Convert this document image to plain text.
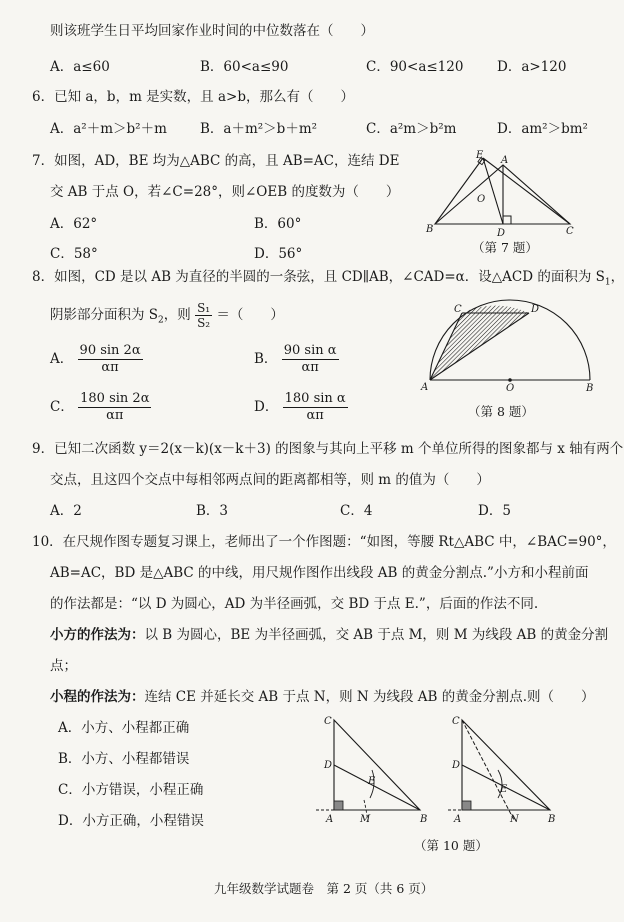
则该班学生日平均回家作业时间的中位数落在（　　）
A．a≤60	B．60<a≤90	C．90<a≤120 D．a>120
6．已知 a，b，m 是实数，且 a>b，那么有（　　）
A．a²＋m＞b²＋m B．a＋m²＞b＋m²	C．a²m＞b²m	D．am²＞bm²
7．如图，AD，BE 均为△ABC 的高，且 AB=AC，连结 DE
交 AB 于点 O，若∠C=28°，则∠OEB 的度数为（　　）
A．62°	B．60°
C．58°	D．56°
E A
O
B	D	C
（第 7 题）
8．如图，CD 是以 AB 为直径的半圆的一条弦，且 CD∥AB，∠CAD=α．设△ACD 的面积为 $S_1$，
阴影部分面积为 $S_2$，则 $\frac{\text{S₁}}{\text{S₂}}$ ＝（　　）
A． $\frac{90 \sin 2\alpha}{\alpha\pi}$	B． $\frac{\text{90 sin α}}{\alpha\pi}$
C． $\frac{180 \sin 2\alpha}{\alpha\pi}$	D． $\frac{\text{180 sin α}}{\alpha\pi}$
C	D
A	O	B
（第 8 题）
9．已知二次函数 y＝2(x－k)(x－k＋3) 的图象与其向上平移 m 个单位所得的图象都与 x 轴有两个
交点，且这四个交点中每相邻两点间的距离都相等，则 m 的值为（　　）
A．2	B．3	C．4	D．5
10．在尺规作图专题复习课上，老师出了一个作图题：“如图，等腰 Rt△ABC 中，∠BAC=90°，
AB=AC，BD 是△ABC 的中线，用尺规作图作出线段 AB 的黄金分割点.”小方和小程前面
的作法都是：“以 D 为圆心，AD 为半径画弧，交 BD 于点 E.”，后面的作法不同.
小方的作法为：以 B 为圆心，BE 为半径画弧，交 AB 于点 M，则 M 为线段 AB 的黄金分割
点；
小程的作法为：连结 CE 并延长交 AB 于点 N，则 N 为线段 AB 的黄金分割点.则（　　）
A．小方、小程都正确
B．小方、小程都错误
C．小方错误，小程正确
D．小方正确，小程错误
C
D
E
A	M	B
C
D
E
A	N	B
（第 10 题）
九年级数学试题卷　第 2 页（共 6 页）
